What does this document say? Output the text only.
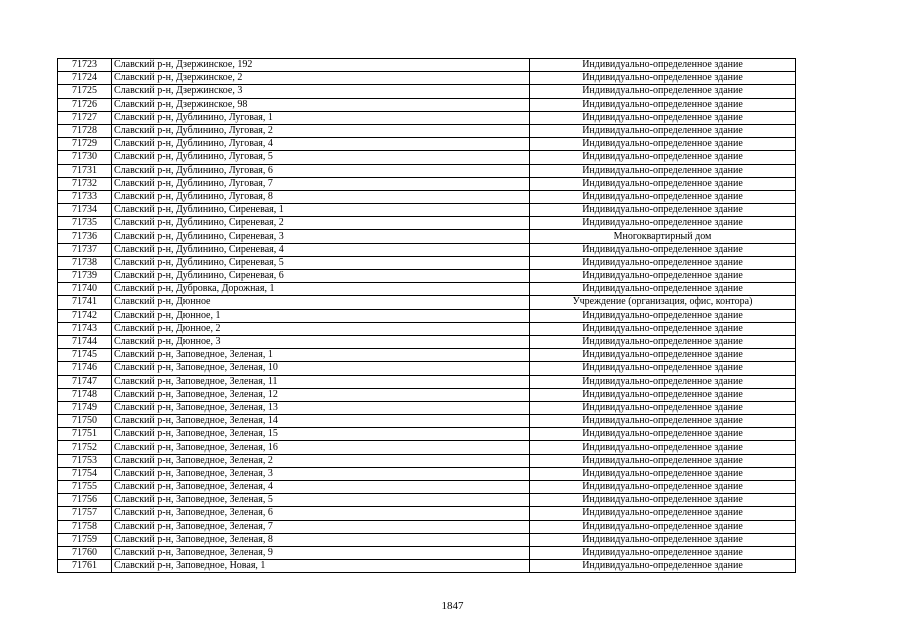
71723	Славский р-н, Дзержинское, 192	Индивидуально-определенное здание
71724	Славский р-н, Дзержинское, 2	Индивидуально-определенное здание
71725	Славский р-н, Дзержинское, 3	Индивидуально-определенное здание
71726	Славский р-н, Дзержинское, 98	Индивидуально-определенное здание
71727	Славский р-н, Дублинино, Луговая, 1	Индивидуально-определенное здание
71728	Славский р-н, Дублинино, Луговая, 2	Индивидуально-определенное здание
71729	Славский р-н, Дублинино, Луговая, 4	Индивидуально-определенное здание
71730	Славский р-н, Дублинино, Луговая, 5	Индивидуально-определенное здание
71731	Славский р-н, Дублинино, Луговая, 6	Индивидуально-определенное здание
71732	Славский р-н, Дублинино, Луговая, 7	Индивидуально-определенное здание
71733	Славский р-н, Дублинино, Луговая, 8	Индивидуально-определенное здание
71734	Славский р-н, Дублинино, Сиреневая, 1	Индивидуально-определенное здание
71735	Славский р-н, Дублинино, Сиреневая, 2	Индивидуально-определенное здание
71736	Славский р-н, Дублинино, Сиреневая, 3	Многоквартирный дом
71737	Славский р-н, Дублинино, Сиреневая, 4	Индивидуально-определенное здание
71738	Славский р-н, Дублинино, Сиреневая, 5	Индивидуально-определенное здание
71739	Славский р-н, Дублинино, Сиреневая, 6	Индивидуально-определенное здание
71740	Славский р-н, Дубровка, Дорожная, 1	Индивидуально-определенное здание
71741	Славский р-н, Дюнное	Учреждение (организация, офис, контора)
71742	Славский р-н, Дюнное, 1	Индивидуально-определенное здание
71743	Славский р-н, Дюнное, 2	Индивидуально-определенное здание
71744	Славский р-н, Дюнное, 3	Индивидуально-определенное здание
71745	Славский р-н, Заповедное, Зеленая, 1	Индивидуально-определенное здание
71746	Славский р-н, Заповедное, Зеленая, 10	Индивидуально-определенное здание
71747	Славский р-н, Заповедное, Зеленая, 11	Индивидуально-определенное здание
71748	Славский р-н, Заповедное, Зеленая, 12	Индивидуально-определенное здание
71749	Славский р-н, Заповедное, Зеленая, 13	Индивидуально-определенное здание
71750	Славский р-н, Заповедное, Зеленая, 14	Индивидуально-определенное здание
71751	Славский р-н, Заповедное, Зеленая, 15	Индивидуально-определенное здание
71752	Славский р-н, Заповедное, Зеленая, 16	Индивидуально-определенное здание
71753	Славский р-н, Заповедное, Зеленая, 2	Индивидуально-определенное здание
71754	Славский р-н, Заповедное, Зеленая, 3	Индивидуально-определенное здание
71755	Славский р-н, Заповедное, Зеленая, 4	Индивидуально-определенное здание
71756	Славский р-н, Заповедное, Зеленая, 5	Индивидуально-определенное здание
71757	Славский р-н, Заповедное, Зеленая, 6	Индивидуально-определенное здание
71758	Славский р-н, Заповедное, Зеленая, 7	Индивидуально-определенное здание
71759	Славский р-н, Заповедное, Зеленая, 8	Индивидуально-определенное здание
71760	Славский р-н, Заповедное, Зеленая, 9	Индивидуально-определенное здание
71761	Славский р-н, Заповедное, Новая, 1	Индивидуально-определенное здание
1847
